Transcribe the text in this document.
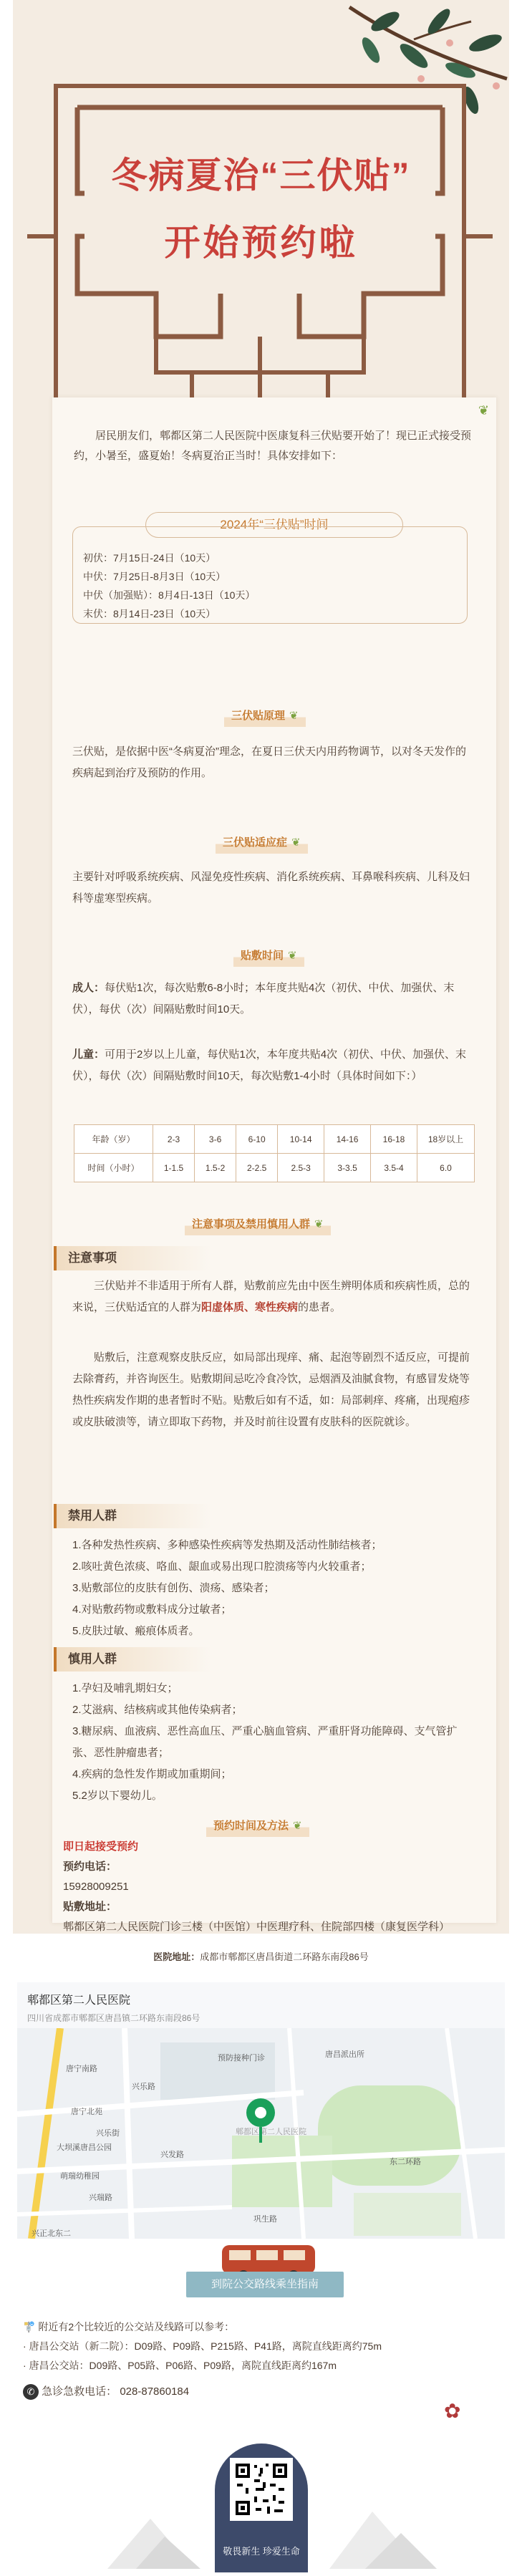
冬病夏治“三伏贴”
开始预约啦
❦

居民朋友们，郫都区第二人民医院中医康复科三伏贴要开始了！现已正式接受预约，小暑至，盛夏始！冬病夏治正当时！具体安排如下：

2024年“三伏贴”时间
初伏：7月15日-24日（10天）
中伏：7月25日-8月3日（10天）
中伏（加强贴）：8月4日-13日（10天）
末伏：8月14日-23日（10天）
三伏贴原理 ❦

三伏贴，是依据中医“冬病夏治”理念，在夏日三伏天内用药物调节，以对冬天发作的疾病起到治疗及预防的作用。

三伏贴适应症 ❦

主要针对呼吸系统疾病、风湿免疫性疾病、消化系统疾病、耳鼻喉科疾病、儿科及妇科等虚寒型疾病。

贴敷时间 ❦

成人：每伏贴1次，每次贴敷6-8小时；本年度共贴4次（初伏、中伏、加强伏、末伏），每伏（次）间隔贴敷时间10天。

儿童：可用于2岁以上儿童，每伏贴1次，本年度共贴4次（初伏、中伏、加强伏、末伏），每伏（次）间隔贴敷时间10天，每次贴敷1-4小时（具体时间如下：）

年龄（岁）	2-3	3-6	6-10	10-14	14-16	16-18	18岁以上
时间（小时）	1-1.5	1.5-2	2-2.5	2.5-3	3-3.5	3.5-4	6.0
注意事项及禁用慎用人群 ❦
注意事项

三伏贴并不非适用于所有人群，贴敷前应先由中医生辨明体质和疾病性质，总的来说，三伏贴适宜的人群为阳虚体质、寒性疾病的患者。

贴敷后，注意观察皮肤反应，如局部出现痒、痛、起泡等剧烈不适反应，可提前去除膏药，并咨询医生。贴敷期间忌吃冷食冷饮，忌烟酒及油腻食物，有感冒发烧等热性疾病发作期的患者暂时不贴。贴敷后如有不适，如：局部刺痒、疼痛，出现疱疹或皮肤破溃等，请立即取下药物，并及时前往设置有皮肤科的医院就诊。

禁用人群
1.各种发热性疾病、多种感染性疾病等发热期及活动性肺结核者；
2.咳吐黄色浓痰、咯血、龈血或易出现口腔溃疡等内火较重者；
3.贴敷部位的皮肤有创伤、溃疡、感染者；
4.对贴敷药物或敷料成分过敏者；
5.皮肤过敏、瘢痕体质者。
慎用人群
1.孕妇及哺乳期妇女；
2.艾滋病、结核病或其他传染病者；
3.糖尿病、血液病、恶性高血压、严重心脑血管病、严重肝肾功能障碍、支气管扩张、恶性肿瘤患者；
4.疾病的急性发作期或加重期间；
5.2岁以下婴幼儿。
预约时间及方法 ❦
即日起接受预约
预约电话：
15928009251
贴敷地址：
郫都区第二人民医院门诊三楼（中医馆）中医理疗科、住院部四楼（康复医学科）
医院地址：成都市郫都区唐昌街道二环路东南段86号
郫都区第二人民医院
四川省成都市郫都区唐昌镇二环路东南段86号
预防接种门诊	唐昌派出所
郫都区第二人民医院
唐宁南路
大坝溪唐昌公园
萌瑞幼稚园
兴乐路
兴瑞路
唐宁北苑
东二环路
巩生路
兴乐街
兴发路
兴正北东二
到院公交路线乘坐指南
🚏 附近有2个比较近的公交站及线路可以参考：
· 唐昌公交站（新二院）：D09路、P09路、P215路、P41路，离院直线距离约75m
· 唐昌公交站：D09路、P05路、P06路、P09路，离院直线距离约167m
✆ 急诊急救电话： 028-87860184
✿
敬畏新生 珍爱生命
